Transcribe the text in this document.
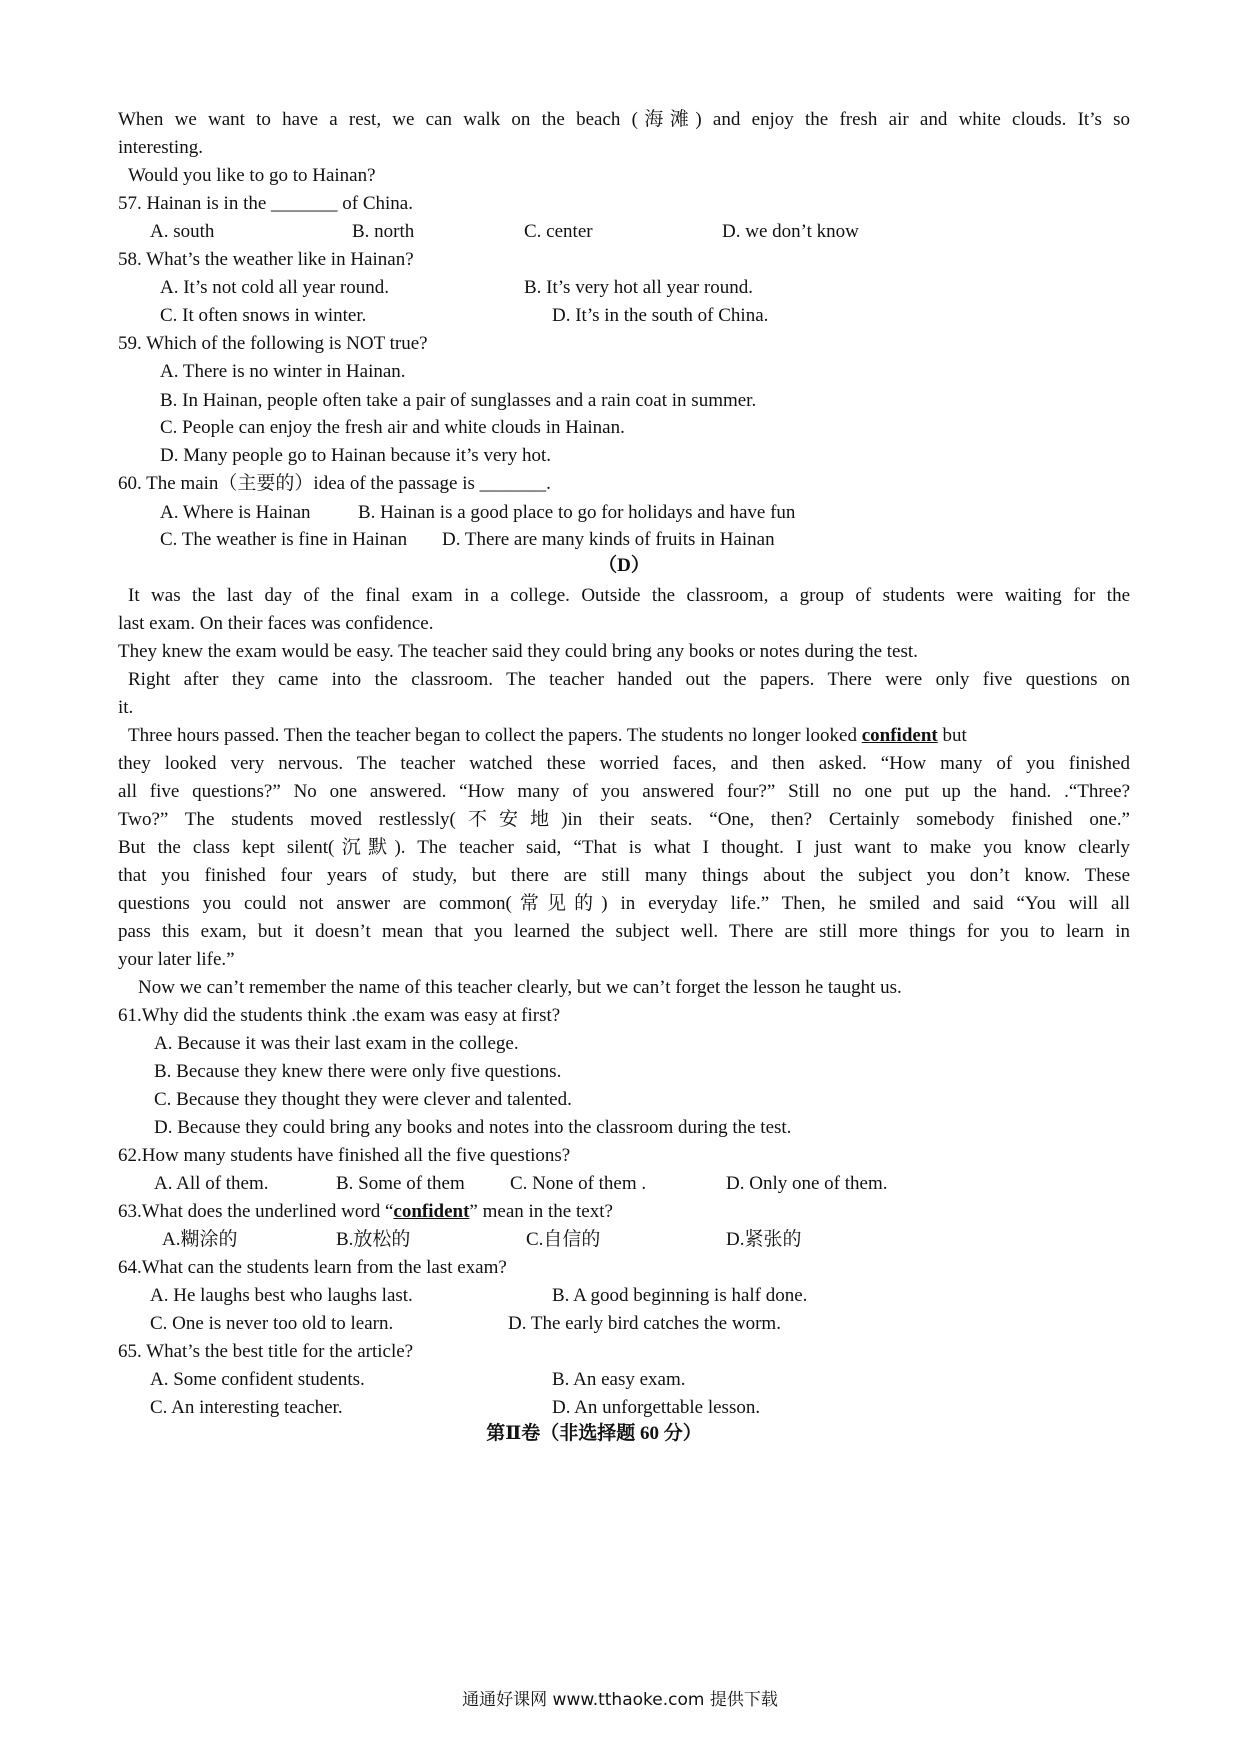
When we want to have a rest, we can walk on the beach (海滩) and enjoy the fresh air and white clouds. It’s so
interesting.
Would you like to go to Hainan?
57. Hainan is in the _______ of China.
A. south	B. north	C. center	D. we don’t know
58. What’s the weather like in Hainan?
A. It’s not cold all year round.	B. It’s very hot all year round.
C. It often snows in winter.	D. It’s in the south of China.
59. Which of the following is NOT true?
A. There is no winter in Hainan.
B. In Hainan, people often take a pair of sunglasses and a rain coat in summer.
C. People can enjoy the fresh air and white clouds in Hainan.
D. Many people go to Hainan because it’s very hot.
60. The main（主要的）idea of the passage is _______.
A. Where is Hainan B. Hainan is a good place to go for holidays and have fun
C. The weather is fine in Hainan D. There are many kinds of fruits in Hainan
（D）
It was the last day of the final exam in a college. Outside the classroom, a group of students were waiting for the
last exam. On their faces was confidence.
They knew the exam would be easy. The teacher said they could bring any books or notes during the test.
Right after they came into the classroom. The teacher handed out the papers. There were only five questions on
it.
Three hours passed. Then the teacher began to collect the papers. The students no longer looked confident but
they looked very nervous. The teacher watched these worried faces, and then asked. “How many of you finished
all five questions?” No one answered. “How many of you answered four?” Still no one put up the hand. .“Three?
Two?” The students moved restlessly(不安地)in their seats. “One, then? Certainly somebody finished one.”
But the class kept silent(沉默). The teacher said, “That is what I thought. I just want to make you know clearly
that you finished four years of study, but there are still many things about the subject you don’t know. These
questions you could not answer are common(常见的) in everyday life.” Then, he smiled and said “You will all
pass this exam, but it doesn’t mean that you learned the subject well. There are still more things for you to learn in
your later life.”
Now we can’t remember the name of this teacher clearly, but we can’t forget the lesson he taught us.
61.Why did the students think .the exam was easy at first?
A. Because it was their last exam in the college.
B. Because they knew there were only five questions.
C. Because they thought they were clever and talented.
D. Because they could bring any books and notes into the classroom during the test.
62.How many students have finished all the five questions?
A. All of them.	B. Some of them C. None of them .	D. Only one of them.
63.What does the underlined word “confident” mean in the text?
A.糊涂的	B.放松的	C.自信的	D.紧张的
64.What can the students learn from the last exam?
A. He laughs best who laughs last.	B. A good beginning is half done.
C. One is never too old to learn.	D. The early bird catches the worm.
65. What’s the best title for the article?
A. Some confident students.	B. An easy exam.
C. An interesting teacher.	D. An unforgettable lesson.
第Ⅱ卷（非选择题 60 分）
通通好课网 www.tthaoke.com 提供下载
